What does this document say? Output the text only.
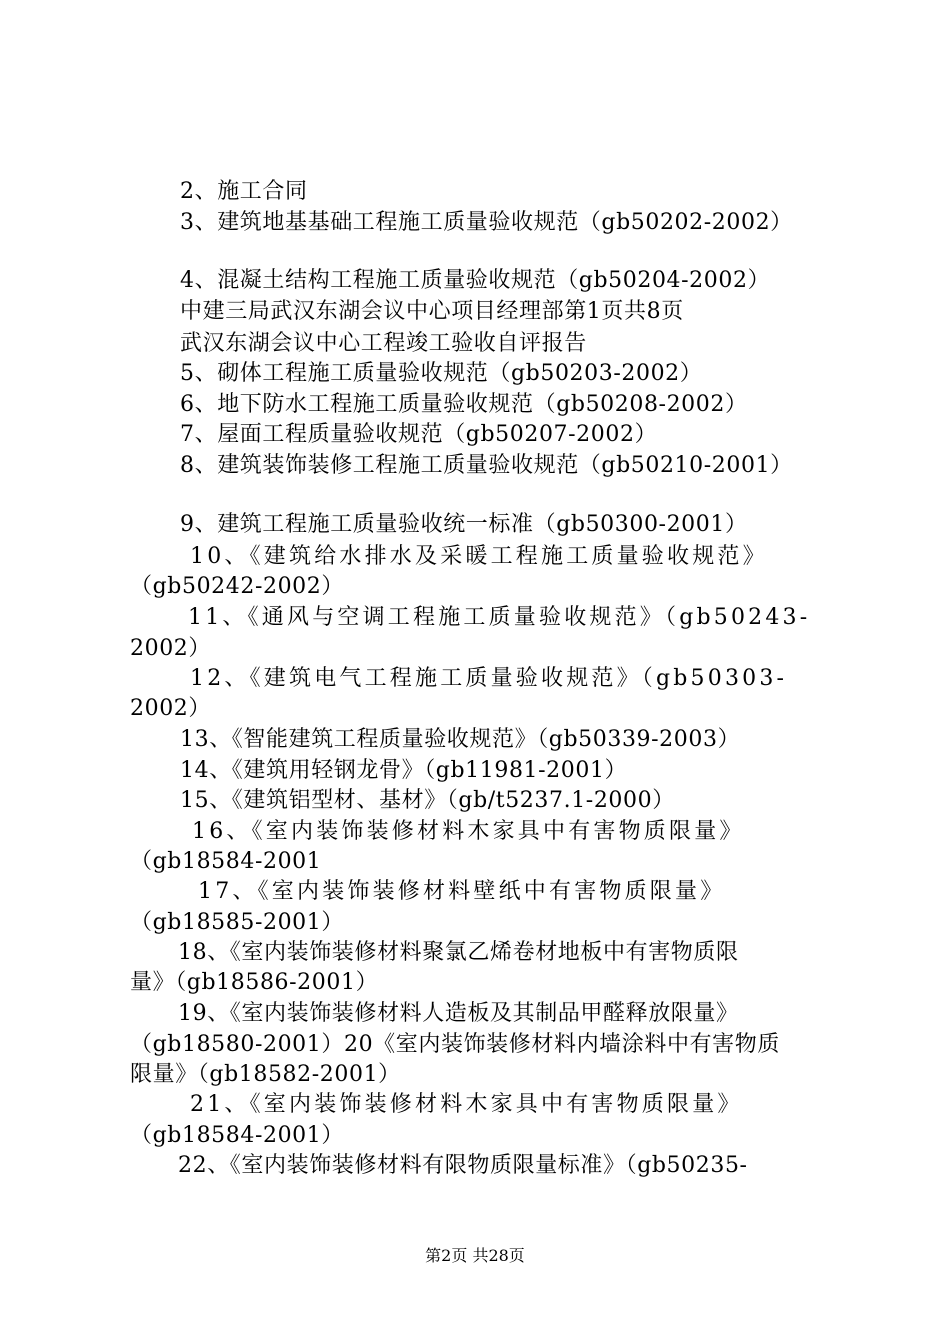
2、施工合同
3、建筑地基基础工程施工质量验收规范（gb50202-2002）
4、混凝土结构工程施工质量验收规范（gb50204-2002）
中建三局武汉东湖会议中心项目经理部第1页共8页
武汉东湖会议中心工程竣工验收自评报告
5、砌体工程施工质量验收规范（gb50203-2002）
6、地下防水工程施工质量验收规范（gb50208-2002）
7、屋面工程质量验收规范（gb50207-2002）
8、建筑装饰装修工程施工质量验收规范（gb50210-2001）
9、建筑工程施工质量验收统一标准（gb50300-2001）
10、《建筑给水排水及采暖工程施工质量验收规范》
（gb50242-2002）
11、《通风与空调工程施工质量验收规范》（gb50243-
2002）
12、《建筑电气工程施工质量验收规范》（gb50303-
2002）
13、《智能建筑工程质量验收规范》（gb50339-2003）
14、《建筑用轻钢龙骨》（gb11981-2001）
15、《建筑铝型材、基材》（gb/t5237.1-2000）
16、《室内装饰装修材料木家具中有害物质限量》
（gb18584-2001
17、《室内装饰装修材料壁纸中有害物质限量》
（gb18585-2001）
18、《室内装饰装修材料聚氯乙烯卷材地板中有害物质限
量》（gb18586-2001）
19、《室内装饰装修材料人造板及其制品甲醛释放限量》
（gb18580-2001）20《室内装饰装修材料内墙涂料中有害物质
限量》（gb18582-2001）
21、《室内装饰装修材料木家具中有害物质限量》
（gb18584-2001）
22、《室内装饰装修材料有限物质限量标准》（gb50235-
第2页 共28页
